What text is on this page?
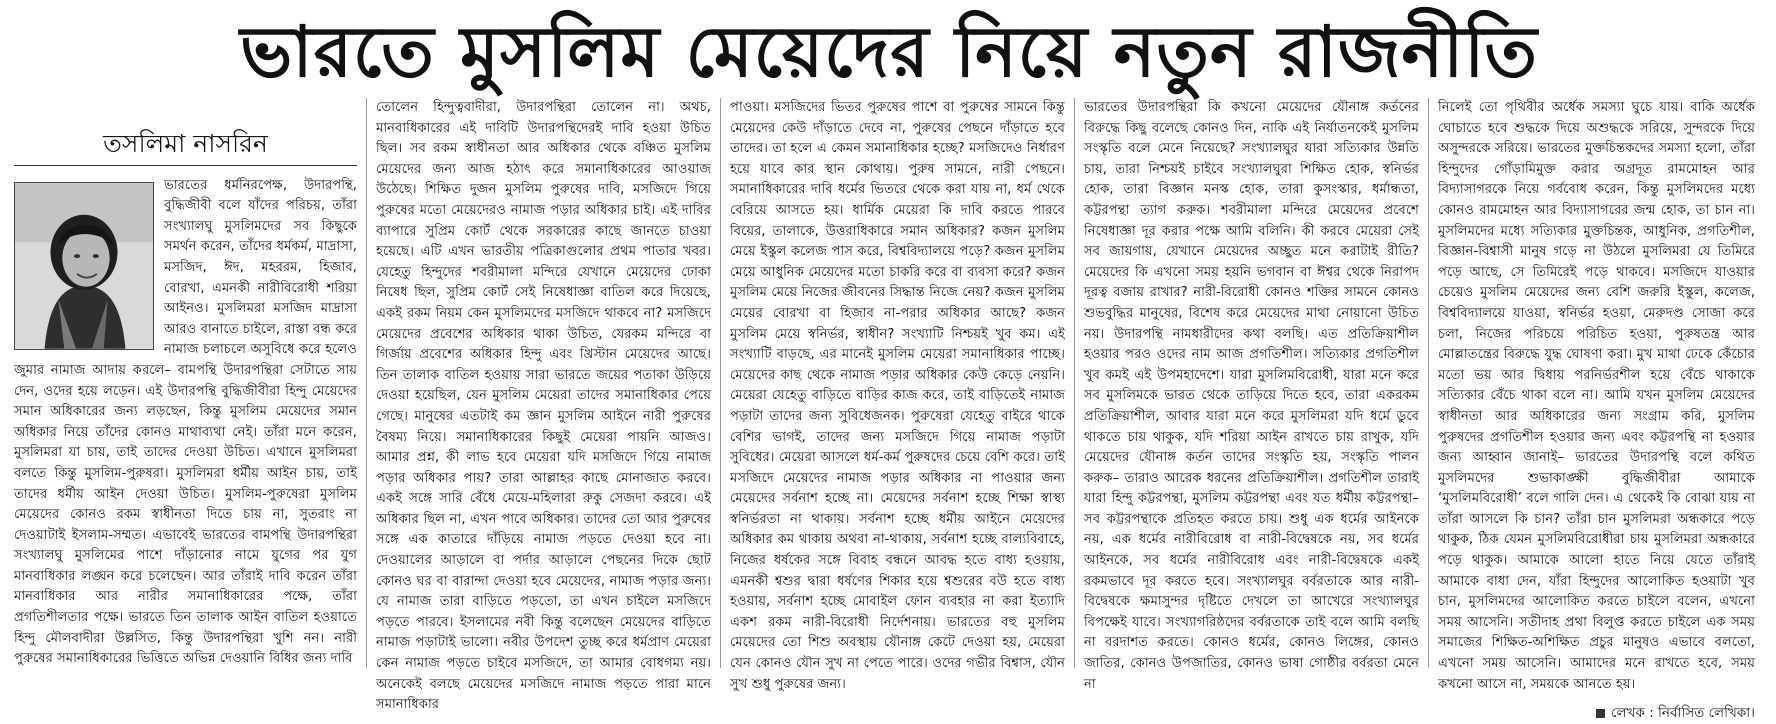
ভারতে মুসলিম মেয়েদের নিয়ে নতুন রাজনীতি
তসলিমা নাসরিন

ভারতের ধর্মনিরপেক্ষ, উদারপন্থি, বুদ্ধিজীবী বলে যাঁদের পরিচয়, তাঁরা সংখ্যালঘু মুসলিমদের সব কিছুকে সমর্থন করেন, তাঁদের ধর্মকর্ম, মাদ্রাসা, মসজিদ, ঈদ, মহররম, হিজাব, বোরখা, এমনকী নারীবিরোধী শরিয়া আইনও। মুসলিমরা মসজিদ মাদ্রাসা আরও বানাতে চাইলে, রাস্তা বন্ধ করে নামাজ চলাচলে অসুবিধে করে হলেও জুমার নামাজ আদায় করলে– বামপন্থি উদারপন্থিরা সেটাতে সায় দেন, ওদের হয়ে লড়েন। এই উদারপন্থি বুদ্ধিজীবীরা হিন্দু মেয়েদের সমান অধিকারের জন্য লড়ছেন, কিন্তু মুসলিম মেয়েদের সমান অধিকার নিয়ে তাঁদের কোনও মাথাব্যথা নেই। তাঁরা মনে করেন, মুসলিমরা যা চায়, তাই তাদের দেওয়া উচিত। এখানে মুসলিমরা বলতে কিন্তু মুসলিম-পুরুষরা। মুসলিমরা ধর্মীয় আইন চায়, তাই তাদের ধর্মীয় আইন দেওয়া উচিত। মুসলিম-পুরুষেরা মুসলিম মেয়েদের কোনও রকম স্বাধীনতা দিতে চায় না, সুতরাং না দেওয়াটাই ইসলাম-সম্মত। এভাবেই ভারতের বামপন্থি উদারপন্থিরা সংখ্যালঘু মুসলিমের পাশে দাঁড়ানোর নামে যুগের পর যুগ মানবাধিকার লঙ্ঘন করে চলেছেন। আর তাঁরাই দাবি করেন তাঁরা মানবাধিকার আর নারীর সমানাধিকারের পক্ষে, তাঁরা প্রগতিশীলতার পক্ষে। ভারতে তিন তালাক আইন বাতিল হওয়াতে হিন্দু মৌলবাদীরা উল্লসিত, কিন্তু উদারপন্থিরা খুশি নন। নারী পুরুষের সমানাধিকারের ভিত্তিতে অভিন্ন দেওয়ানি বিধির জন্য দাবি

তোলেন হিন্দুত্ববাদীরা, উদারপন্থিরা তোলেন না। অথচ, মানবাধিকারের এই দাবিটি উদারপন্থিদেরই দাবি হওয়া উচিত ছিল। সব রকম স্বাধীনতা আর অধিকার থেকে বঞ্চিত মুসলিম মেয়েদের জন্য আজ হঠাৎ করে সমানাধিকারের আওয়াজ উঠেছে। শিক্ষিত দুজন মুসলিম পুরুষের দাবি, মসজিদে গিয়ে পুরুষের মতো মেয়েদেরও নামাজ পড়ার অধিকার চাই। এই দাবির ব্যাপারে সুপ্রিম কোর্ট থেকে সরকারের কাছে জানতে চাওয়া হয়েছে। এটি এখন ভারতীয় পত্রিকাগুলোর প্রথম পাতার খবর। যেহেতু হিন্দুদের শবরীমালা মন্দিরে যেখানে মেয়েদের ঢোকা নিষেধ ছিল, সুপ্রিম কোর্ট সেই নিষেধাজ্ঞা বাতিল করে দিয়েছে, একই রকম নিয়ম কেন মুসলিমদের মসজিদে থাকবে না? মসজিদে মেয়েদের প্রবেশের অধিকার থাকা উচিত, যেরকম মন্দিরে বা গির্জায় প্রবেশের অধিকার হিন্দু এবং খ্রিস্টান মেয়েদের আছে। তিন তালাক বাতিল হওয়ায় সারা ভারতে জয়ের পতাকা উড়িয়ে দেওয়া হয়েছিল, যেন মুসলিম মেয়েরা তাদের সমানাধিকার পেয়ে গেছে। মানুষের এতটাই কম জ্ঞান মুসলিম আইনে নারী পুরুষের বৈষম্য নিয়ে। সমানাধিকারের কিছুই মেয়েরা পায়নি আজও। আমার প্রশ্ন, কী লাভ হবে মেয়েরা যদি মসজিদে গিয়ে নামাজ পড়ার অধিকার পায়? তারা আল্লাহর কাছে মোনাজাত করবে। একই সঙ্গে সারি বেঁধে মেয়ে-মহিলারা রুকু সেজদা করবে। এই অধিকার ছিল না, এখন পাবে অধিকার। তাদের তো আর পুরুষের সঙ্গে এক কাতারে দাঁড়িয়ে নামাজ পড়তে দেওয়া হবে না। দেওয়ালের আড়ালে বা পর্দার আড়ালে পেছনের দিকে ছোট কোনও ঘর বা বারান্দা দেওয়া হবে মেয়েদের, নামাজ পড়ার জন্য। যে নামাজ তারা বাড়িতে পড়তো, তা এখন চাইলে মসজিদে পড়তে পারবে। ইসলামের নবী কিন্তু বলেছেন মেয়েদের বাড়িতে নামাজ পড়াটাই ভালো। নবীর উপদেশ তুচ্ছ করে ধর্মপ্রাণ মেয়েরা কেন নামাজ পড়তে চাইবে মসজিদে, তা আমার বোধগম্য নয়। অনেকেই বলছে মেয়েদের মসজিদে নামাজ পড়তে পারা মানে সমানাধিকার

পাওয়া। মসজিদের ভিতর পুরুষের পাশে বা পুরুষের সামনে কিন্তু মেয়েদের কেউ দাঁড়াতে দেবে না, পুরুষের পেছনে দাঁড়াতে হবে তাদের। তা হলে এ কেমন সমানাধিকার হচ্ছে? মসজিদেও নির্ধারণ হয়ে যাবে কার স্থান কোথায়। পুরুষ সামনে, নারী পেছনে। সমানাধিকারের দাবি ধর্মের ভিতরে থেকে করা যায় না, ধর্ম থেকে বেরিয়ে আসতে হয়। ধার্মিক মেয়েরা কি দাবি করতে পারবে বিয়ের, তালাকে, উত্তরাধিকারে সমান অধিকার? কজন মুসলিম মেয়ে ইস্কুল কলেজ পাস করে, বিশ্ববিদ্যালয়ে পড়ে? কজন মুসলিম মেয়ে আধুনিক মেয়েদের মতো চাকরি করে বা ব্যবসা করে? কজন মুসলিম মেয়ে নিজের জীবনের সিদ্ধান্ত নিজে নেয়? কজন মুসলিম মেয়ের বোরখা বা হিজাব না-পরার অধিকার আছে? কজন মুসলিম মেয়ে স্বনির্ভর, স্বাধীন? সংখ্যাটি নিশ্চয়ই খুব কম। এই সংখ্যাটি বাড়ছে, এর মানেই মুসলিম মেয়েরা সমানাধিকার পাচ্ছে। মেয়েদের কাছ থেকে নামাজ পড়ার অধিকার কেউ কেড়ে নেয়নি। মেয়েরা যেহেতু বাড়িতে বাড়ির কাজ করে, তাই বাড়িতেই নামাজ পড়াটা তাদের জন্য সুবিধেজনক। পুরুষেরা যেহেতু বাইরে থাকে বেশির ভাগই, তাদের জন্য মসজিদে গিয়ে নামাজ পড়াটা সুবিধের। মেয়েরা আসলে ধর্ম-কর্ম পুরুষদের চেয়ে বেশি করে। তাই মসজিদে মেয়েদের নামাজ পড়ার অধিকার না পাওয়ার জন্য মেয়েদের সর্বনাশ হচ্ছে না। মেয়েদের সর্বনাশ হচ্ছে শিক্ষা স্বাস্থ্য স্বনির্ভরতা না থাকায়। সর্বনাশ হচ্ছে ধর্মীয় আইনে মেয়েদের অধিকার কম থাকায় অথবা না-থাকায়, সর্বনাশ হচ্ছে বাল্যবিবাহে, নিজের ধর্ষকের সঙ্গে বিবাহ বন্ধনে আবদ্ধ হতে বাধ্য হওয়ায়, এমনকী শ্বশুর দ্বারা ধর্ষণের শিকার হয়ে শ্বশুরের বউ হতে বাধ্য হওয়ায়, সর্বনাশ হচ্ছে মোবাইল ফোন ব্যবহার না করা ইত্যাদি একশ রকম নারী-বিরোধী নির্দেশনায়। ভারতের বহু মুসলিম মেয়েদের তো শিশু অবস্থায় যৌনাঙ্গ কেটে দেওয়া হয়, মেয়েরা যেন কোনও যৌন সুখ না পেতে পারে। ওদের গভীর বিশ্বাস, যৌন সুখ শুধু পুরুষের জন্য।

ভারতের উদারপন্থিরা কি কখনো মেয়েদের যৌনাঙ্গ কর্তনের বিরুদ্ধে কিছু বলেছে কোনও দিন, নাকি এই নির্যাতনকেই মুসলিম সংস্কৃতি বলে মেনে নিয়েছে? সংখ্যালঘুর যারা সত্যিকার উন্নতি চায়, তারা নিশ্চয়ই চাইবে সংখ্যালঘুরা শিক্ষিত হোক, স্বনির্ভর হোক, তারা বিজ্ঞান মনস্ক হোক, তারা কুসংস্কার, ধর্মান্ধতা, কট্টরপন্থা ত্যাগ করুক। শবরীমালা মন্দিরে মেয়েদের প্রবেশে নিষেধাজ্ঞা দূর করার পক্ষে আমি বলিনি। কী করবে মেয়েরা সেই সব জায়গায়, যেখানে মেয়েদের অচ্ছুত মনে করাটাই রীতি? মেয়েদের কি এখনো সময় হয়নি ভগবান বা ঈশ্বর থেকে নিরাপদ দূরত্ব বজায় রাখার? নারী-বিরোধী কোনও শক্তির সামনে কোনও শুভবুদ্ধির মানুষের, বিশেষ করে মেয়েদের মাথা নোয়ানো উচিত নয়। উদারপন্থি নামধারীদের কথা বলছি। এত প্রতিক্রিয়াশীল হওয়ার পরও ওদের নাম আজ প্রগতিশীল। সত্যিকার প্রগতিশীল খুব কমই এই উপমহাদেশে। যারা মুসলিমবিরোধী, যারা মনে করে সব মুসলিমকে ভারত থেকে তাড়িয়ে দিতে হবে, তারা একরকম প্রতিক্রিয়াশীল, আবার যারা মনে করে মুসলিমরা যদি ধর্মে ডুবে থাকতে চায় থাকুক, যদি শরিয়া আইন রাখতে চায় রাখুক, যদি মেয়েদের যৌনাঙ্গ কর্তন তাদের সংস্কৃতি হয়, সংস্কৃতি পালন করুক– তারাও আরেক ধরনের প্রতিক্রিয়াশীল। প্রগতিশীল তারাই যারা হিন্দু কট্টরপন্থা, মুসলিম কট্টরপন্থা এবং যত ধর্মীয় কট্টরপন্থা–সব কট্টরপন্থাকে প্রতিহত করতে চায়। শুধু এক ধর্মের আইনকে নয়, এক ধর্মের নারীবিরোধ বা নারী-বিদ্বেষকে নয়, সব ধর্মের আইনকে, সব ধর্মের নারীবিরোধ এবং নারী-বিদ্বেষকে একই রকমভাবে দূর করতে হবে। সংখ্যালঘুর বর্বরতাকে আর নারী-বিদ্বেষকে ক্ষমাসুন্দর দৃষ্টিতে দেখলে তা আখেরে সংখ্যালঘুর বিপক্ষেই যাবে। সংখ্যাগরিষ্ঠদের বর্বরতাকে তাই বলে আমি বলছি না বরদাশত করতে। কোনও ধর্মের, কোনও লিঙ্গের, কোনও জাতির, কোনও উপজাতির, কোনও ভাষা গোষ্ঠীর বর্বরতা মেনে না

নিলেই তো পৃথিবীর অর্ধেক সমস্যা ঘুচে যায়। বাকি অর্ধেক ঘোচাতে হবে শুদ্ধকে দিয়ে অশুদ্ধকে সরিয়ে, সুন্দরকে দিয়ে অসুন্দরকে সরিয়ে। ভারতের মুক্তচিন্তকদের সমস্যা হলো, তাঁরা হিন্দুদের গোঁড়ামিমুক্ত করার অগ্রদূত রামমোহন আর বিদ্যাসাগরকে নিয়ে গর্ববোধ করেন, কিন্তু মুসলিমদের মধ্যে কোনও রামমোহন আর বিদ্যাসাগরের জন্ম হোক, তা চান না। মুসলিমদের মধ্যে সত্যিকার মুক্তচিন্তক, আধুনিক, প্রগতিশীল, বিজ্ঞান-বিশ্বাসী মানুষ গড়ে না উঠলে মুসলিমরা যে তিমিরে পড়ে আছে, সে তিমিরেই পড়ে থাকবে। মসজিদে যাওয়ার চেয়েও মুসলিম মেয়েদের জন্য বেশি জরুরি ইস্কুল, কলেজ, বিশ্ববিদ্যালয়ে যাওয়া, স্বনির্ভর হওয়া, মেরুদণ্ড সোজা করে চলা, নিজের পরিচয়ে পরিচিত হওয়া, পুরুষতন্ত্র আর মোল্লাতন্ত্রের বিরুদ্ধে যুদ্ধ ঘোষণা করা। মুখ মাথা ঢেকে কেঁচোর মতো ভয় আর দ্বিধায় পরনির্ভরশীল হয়ে বেঁচে থাকাকে সত্যিকার বেঁচে থাকা বলে না। আমি যখন মুসলিম মেয়েদের স্বাধীনতা আর অধিকারের জন্য সংগ্রাম করি, মুসলিম পুরুষদের প্রগতিশীল হওয়ার জন্য এবং কট্টরপন্থি না হওয়ার জন্য আহ্বান জানাই– ভারতের উদারপন্থি বলে কথিত মুসলিমদের শুভাকাঙ্ক্ষী বুদ্ধিজীবীরা আমাকে ‘মুসলিমবিরোধী’ বলে গালি দেন। এ থেকেই কি বোঝা যায় না তাঁরা আসলে কি চান? তাঁরা চান মুসলিমরা অন্ধকারে পড়ে থাকুক, ঠিক যেমন মুসলিমবিরোধীরা চায় মুসলিমরা অন্ধকারে পড়ে থাকুক। আমাকে আলো হাতে নিয়ে যেতে তাঁরাই আমাকে বাধা দেন, যাঁরা হিন্দুদের আলোকিত হওয়াটা খুব চান, মুসলিমদের আলোকিত করতে চাইলে বলেন, এখনো সময় আসেনি। সতীদাহ প্রথা বিলুপ্ত করতে চাইলে এক সময় সমাজের শিক্ষিত-অশিক্ষিত প্রচুর মানুষও এভাবে বলতো, এখনো সময় আসেনি। আমাদের মনে রাখতে হবে, সময় কখনো আসে না, সময়কে আনতে হয়।

লেখক : নির্বাসিত লেখিকা।
